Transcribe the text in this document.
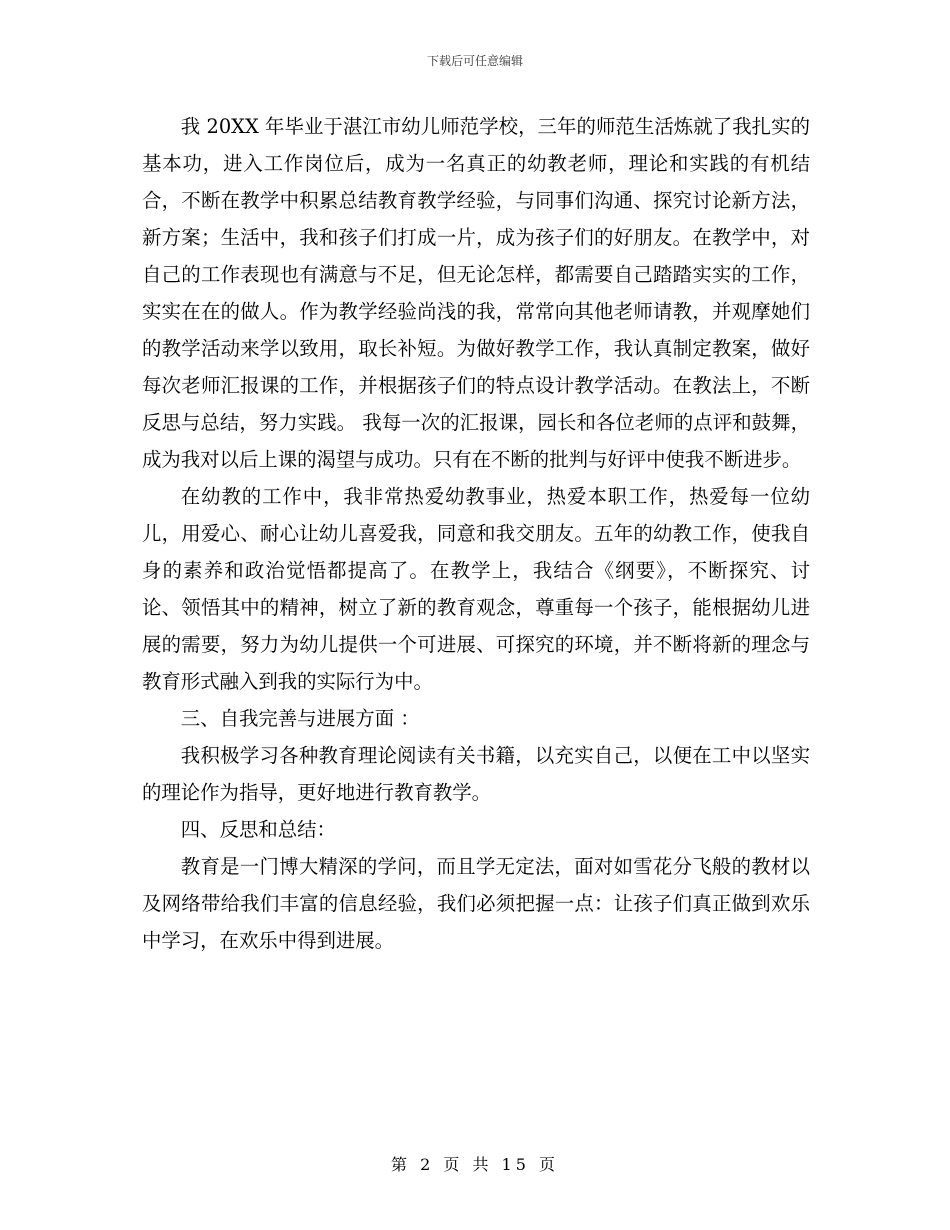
下载后可任意编辑

我 20XX 年毕业于湛江市幼儿师范学校，三年的师范生活炼就了我扎实的基本功，进入工作岗位后，成为一名真正的幼教老师，理论和实践的有机结合，不断在教学中积累总结教育教学经验，与同事们沟通、探究讨论新方法，新方案；生活中，我和孩子们打成一片，成为孩子们的好朋友。在教学中，对自己的工作表现也有满意与不足，但无论怎样，都需要自己踏踏实实的工作，实实在在的做人。作为教学经验尚浅的我，常常向其他老师请教，并观摩她们的教学活动来学以致用，取长补短。为做好教学工作，我认真制定教案，做好每次老师汇报课的工作，并根据孩子们的特点设计教学活动。在教法上，不断反思与总结，努力实践。 我每一次的汇报课，园长和各位老师的点评和鼓舞， 成为我对以后上课的渴望与成功。只有在不断的批判与好评中使我不断进步。

在幼教的工作中，我非常热爱幼教事业，热爱本职工作，热爱每一位幼儿，用爱心、耐心让幼儿喜爱我，同意和我交朋友。五年的幼教工作，使我自身的素养和政治觉悟都提高了。在教学上，我结合《纲要》，不断探究、讨论、领悟其中的精神，树立了新的教育观念，尊重每一个孩子，能根据幼儿进展的需要，努力为幼儿提供一个可进展、可探究的环境，并不断将新的理念与教育形式融入到我的实际行为中。

三、自我完善与进展方面 ：

我积极学习各种教育理论阅读有关书籍，以充实自己，以便在工中以坚实的理论作为指导，更好地进行教育教学。

四、反思和总结：

教育是一门博大精深的学问，而且学无定法，面对如雪花分飞般的教材以及网络带给我们丰富的信息经验，我们必须把握一点：让孩子们真正做到欢乐中学习，在欢乐中得到进展。

第 2 页 共 15 页
